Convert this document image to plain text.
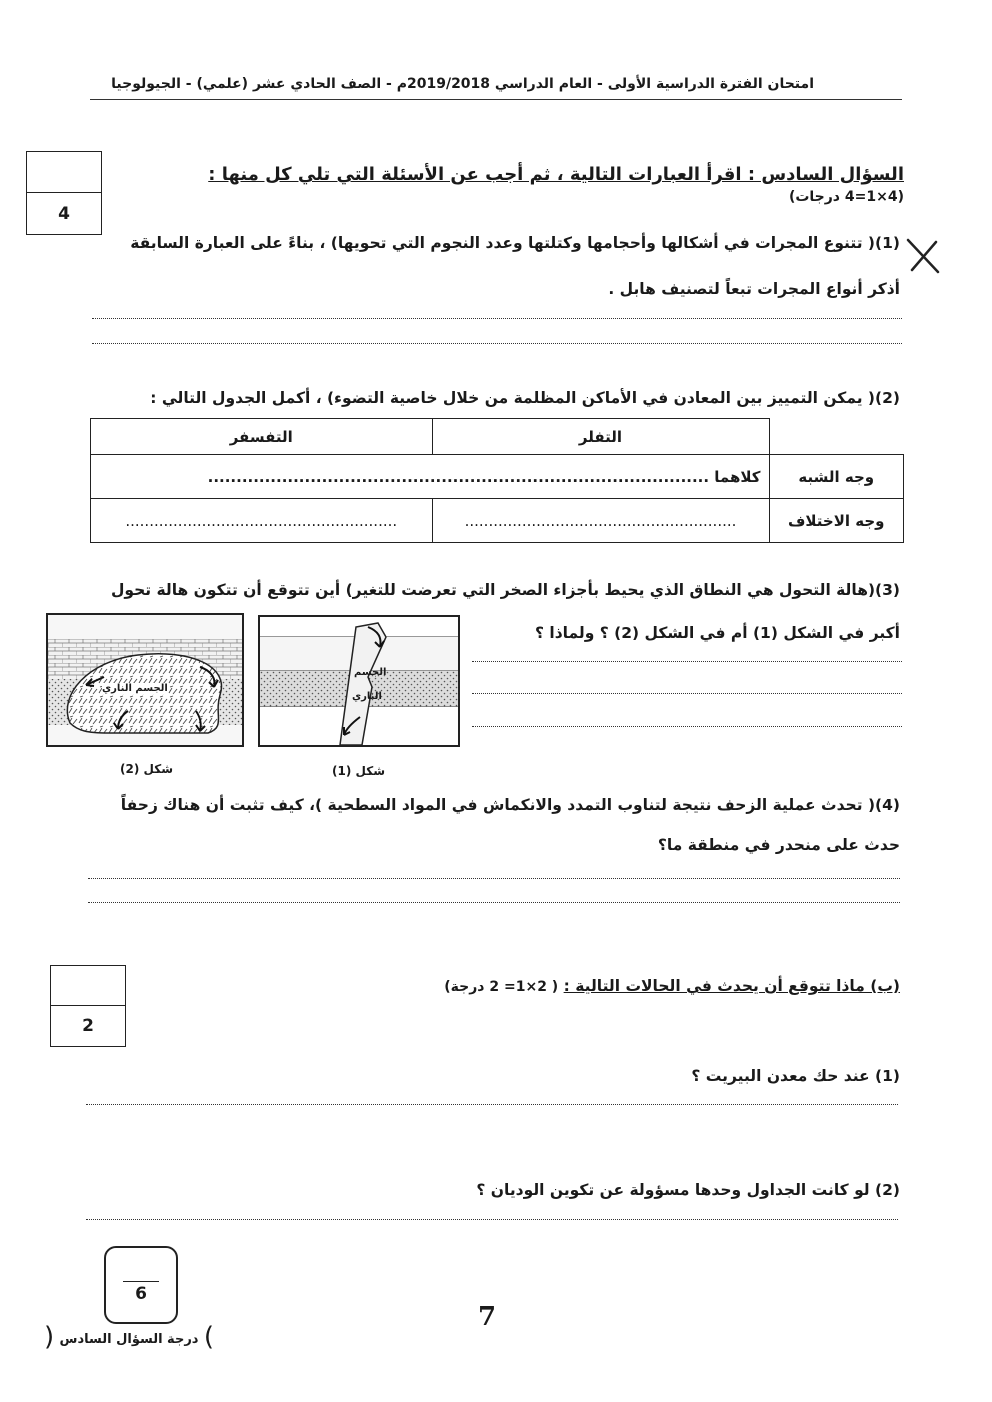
امتحان الفترة الدراسية الأولى - العام الدراسي 2019/2018م - الصف الحادي عشر (علمي) - الجيولوجيا
4
السؤال السادس : اقرأ العبارات التالية ، ثم أجب عن الأسئلة التي تلي كل منها : (4×1=4 درجات)
(1)( تتنوع المجرات في أشكالها وأحجامها وكتلتها وعدد النجوم التي تحويها) ، بناءً على العبارة السابقة
أذكر أنواع المجرات تبعاً لتصنيف هابل .
(2)( يمكن التمييز بين المعادن في الأماكن المظلمة من خلال خاصية التضوء) ، أكمل الجدول التالي :
	التفلر	التفسفر
وجه الشبه	كلاهما ........................................................................................	
وجه الاختلاف	.........................................................	.........................................................
(3)(هالة التحول هي النطاق الذي يحيط بأجزاء الصخر التي تعرضت للتغير) أين تتوقع أن تتكون هالة تحول
أكبر في الشكل (1) أم في الشكل (2) ؟ ولماذا ؟
الجسم الناري
شكل (2)
الجسم
الناري
شكل (1)
(4)( تحدث عملية الزحف نتيجة لتناوب التمدد والانكماش في المواد السطحية )، كيف تثبت أن هناك زحفاً
حدث على منحدر في منطقة ما؟
2
(ب) ماذا تتوقع أن يحدث في الحالات التالية : ( 2×1= 2 درجة)
(1) عند حك معدن البيريت ؟
(2) لو كانت الجداول وحدها مسؤولة عن تكوين الوديان ؟
6
( درجة السؤال السادس )
7
